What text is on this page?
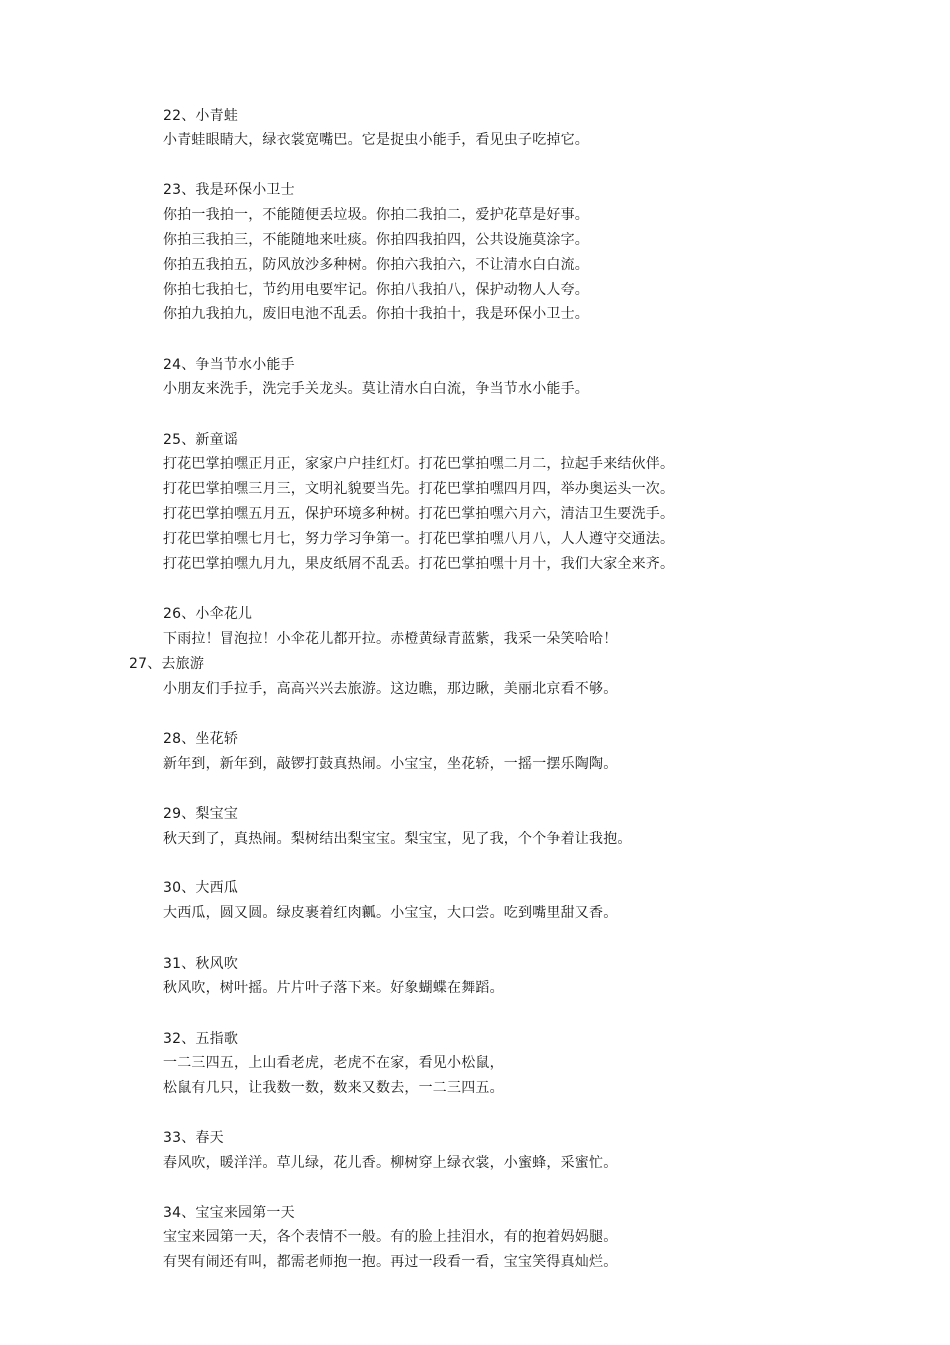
22、小青蛙
小青蛙眼睛大，绿衣裳宽嘴巴。它是捉虫小能手，看见虫子吃掉它。
23、我是环保小卫士
你拍一我拍一，不能随便丢垃圾。你拍二我拍二，爱护花草是好事。
你拍三我拍三，不能随地来吐痰。你拍四我拍四，公共设施莫涂字。
你拍五我拍五，防风放沙多种树。你拍六我拍六，不让清水白白流。
你拍七我拍七，节约用电要牢记。你拍八我拍八，保护动物人人夸。
你拍九我拍九，废旧电池不乱丢。你拍十我拍十，我是环保小卫士。
24、争当节水小能手
小朋友来洗手，洗完手关龙头。莫让清水白白流，争当节水小能手。
25、新童谣
打花巴掌拍嘿正月正，家家户户挂红灯。打花巴掌拍嘿二月二，拉起手来结伙伴。
打花巴掌拍嘿三月三，文明礼貌要当先。打花巴掌拍嘿四月四，举办奥运头一次。
打花巴掌拍嘿五月五，保护环境多种树。打花巴掌拍嘿六月六，清洁卫生要洗手。
打花巴掌拍嘿七月七，努力学习争第一。打花巴掌拍嘿八月八，人人遵守交通法。
打花巴掌拍嘿九月九，果皮纸屑不乱丢。打花巴掌拍嘿十月十，我们大家全来齐。
26、小伞花儿
下雨拉！冒泡拉！小伞花儿都开拉。赤橙黄绿青蓝紫，我采一朵笑哈哈！
27、去旅游
小朋友们手拉手，高高兴兴去旅游。这边瞧，那边瞅，美丽北京看不够。
28、坐花轿
新年到，新年到，敲锣打鼓真热闹。小宝宝，坐花轿，一摇一摆乐陶陶。
29、梨宝宝
秋天到了，真热闹。梨树结出梨宝宝。梨宝宝，见了我，个个争着让我抱。
30、大西瓜
大西瓜，圆又圆。绿皮裹着红肉瓤。小宝宝，大口尝。吃到嘴里甜又香。
31、秋风吹
秋风吹，树叶摇。片片叶子落下来。好象蝴蝶在舞蹈。
32、五指歌
一二三四五，上山看老虎，老虎不在家，看见小松鼠，
松鼠有几只，让我数一数，数来又数去，一二三四五。
33、春天
春风吹，暖洋洋。草儿绿，花儿香。柳树穿上绿衣裳，小蜜蜂，采蜜忙。
34、宝宝来园第一天
宝宝来园第一天，各个表情不一般。有的脸上挂泪水，有的抱着妈妈腿。
有哭有闹还有叫，都需老师抱一抱。再过一段看一看，宝宝笑得真灿烂。
